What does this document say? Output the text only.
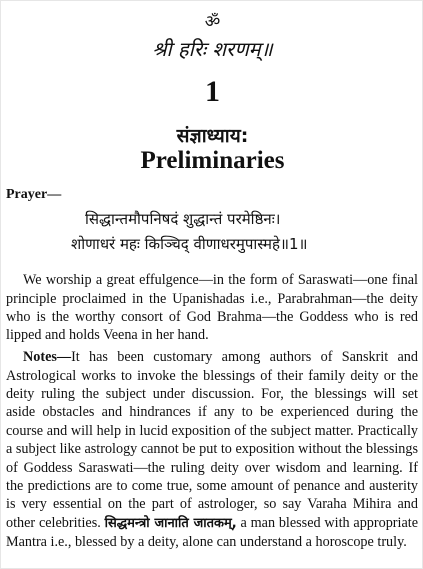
ॐ
श्री हरिः शरणम्॥
1
संज्ञाध्याय:
Preliminaries
Prayer—
सिद्धान्तमौपनिषदं शुद्धान्तं परमेष्ठिनः।
शोणाधरं महः किञ्चिद् वीणाधरमुपास्महे॥1॥

We worship a great effulgence—in the form of Saraswati—one final principle proclaimed in the Upanishadas i.e., Parabrahman—the deity who is the worthy consort of God Brahma—the Goddess who is red lipped and holds Veena in her hand.

Notes—It has been customary among authors of Sanskrit and Astrological works to invoke the blessings of their family deity or the deity ruling the subject under discussion. For, the blessings will set aside obstacles and hindrances if any to be experienced during the course and will help in lucid exposition of the subject matter. Practically a subject like astrology cannot be put to exposition without the blessings of Goddess Saraswati—the ruling deity over wisdom and learning. If the predictions are to come true, some amount of penance and austerity is very essential on the part of astrologer, so say Varaha Mihira and other celebrities. सिद्धमन्त्रो जानाति जातकम्, a man blessed with appropriate Mantra i.e., blessed by a deity, alone can understand a horoscope truly.
